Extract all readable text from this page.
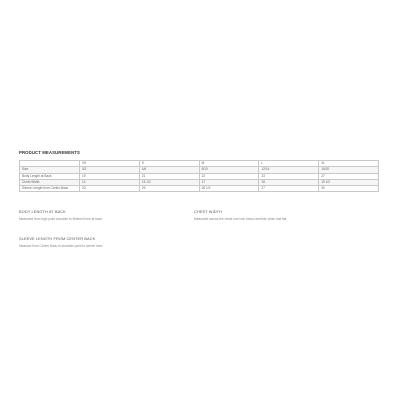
PRODUCT MEASUREMENTS
	XS	S	M	L	XL
Size	0/2	4/6	8/10	12/14	16/20
Body Length at Back	19	21	22	23	27
Chest Width	14	15 1/2	17	18	19 1/2
Sleeve Length from Center Back	23	25	26 1/2	27	30
BODY LENGTH AT BACK
Measured from high point shoulder to finished hem at back.
CHEST WIDTH
Measured across the chest one inch below armhole when laid flat.
SLEEVE LENGTH FROM CENTER BACK
Measure from Center Back to shoulder point to sleeve hem.
